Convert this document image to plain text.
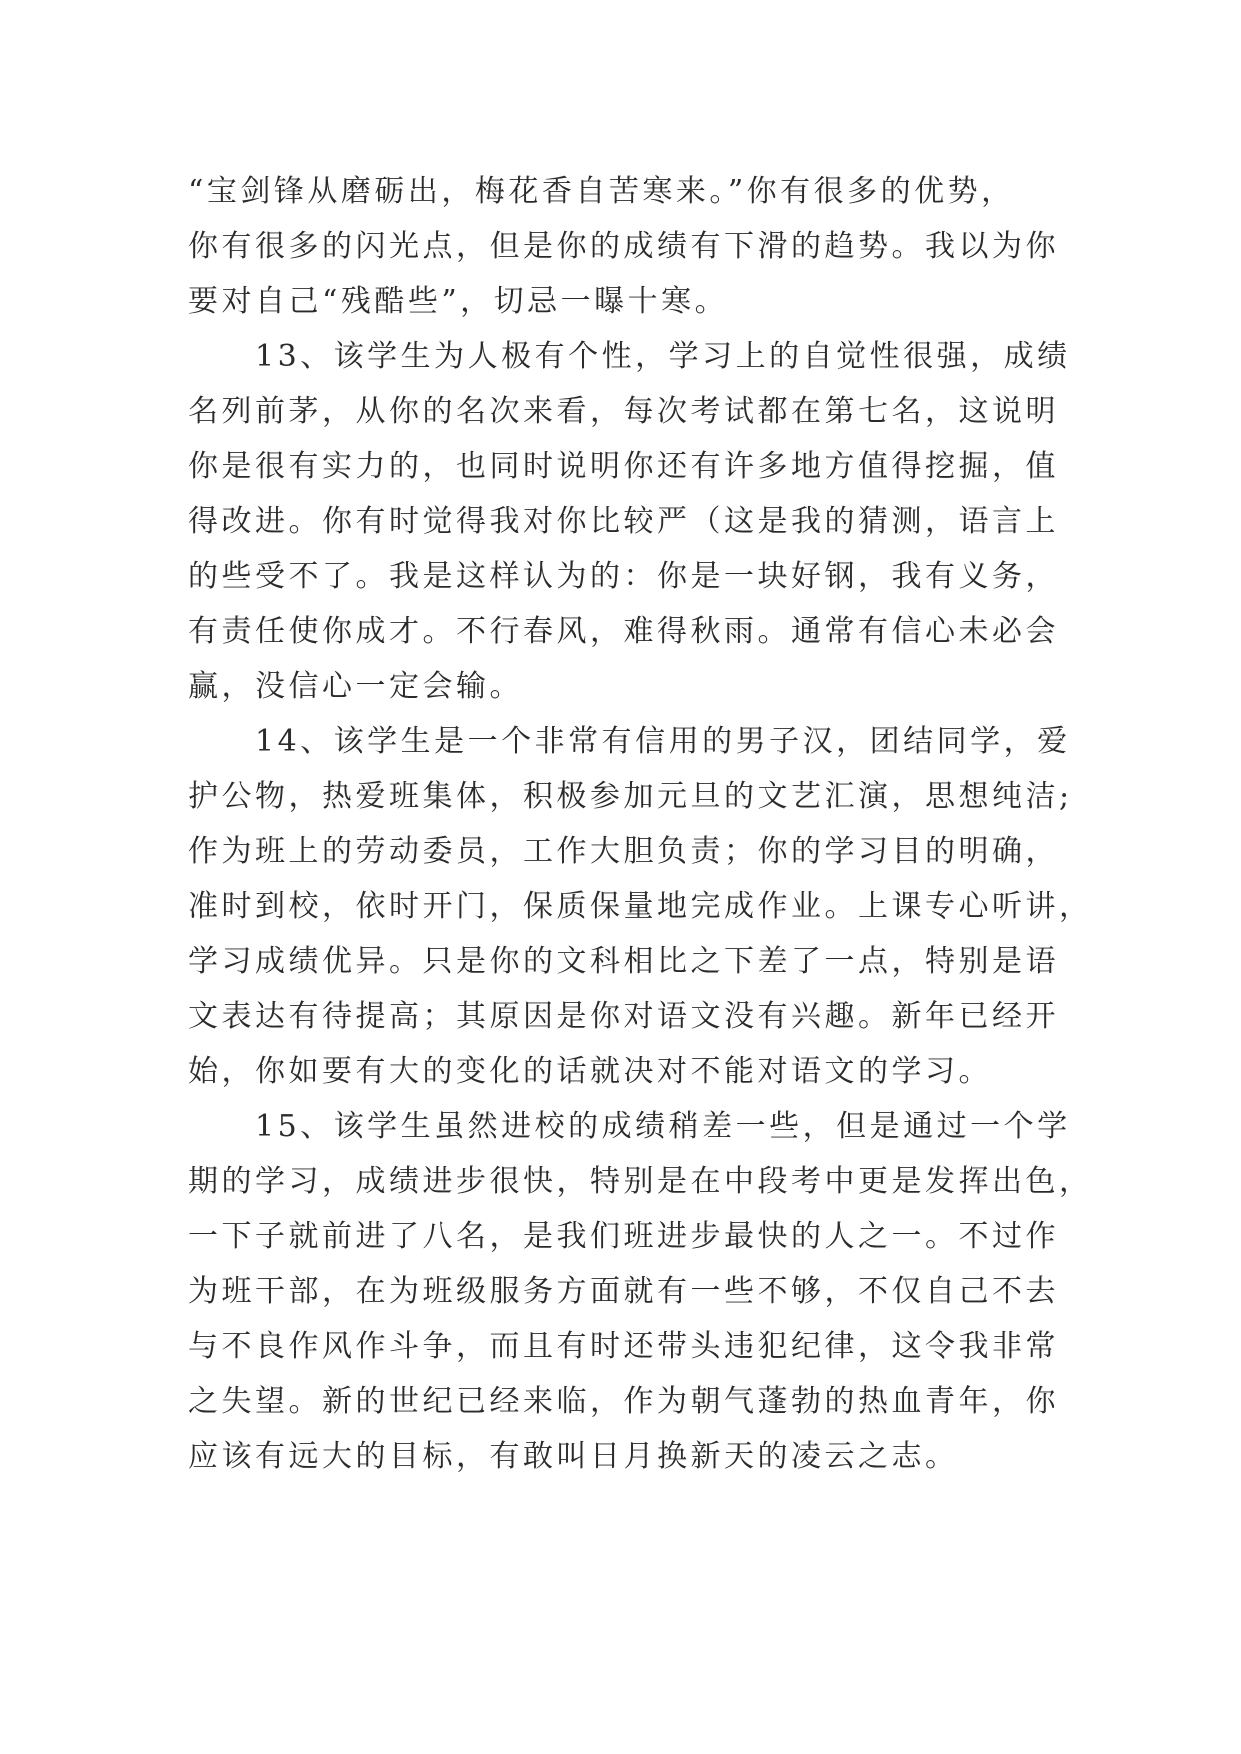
“宝剑锋从磨砺出，梅花香自苦寒来。”你有很多的优势，
你有很多的闪光点，但是你的成绩有下滑的趋势。我以为你
要对自己“残酷些”，切忌一曝十寒。
　　13、该学生为人极有个性，学习上的自觉性很强，成绩
名列前茅，从你的名次来看，每次考试都在第七名，这说明
你是很有实力的，也同时说明你还有许多地方值得挖掘，值
得改进。你有时觉得我对你比较严（这是我的猜测，语言上
的些受不了。我是这样认为的：你是一块好钢，我有义务，
有责任使你成才。不行春风，难得秋雨。通常有信心未必会
赢，没信心一定会输。
　　14、该学生是一个非常有信用的男子汉，团结同学，爱
护公物，热爱班集体，积极参加元旦的文艺汇演，思想纯洁;
作为班上的劳动委员，工作大胆负责；你的学习目的明确，
准时到校，依时开门，保质保量地完成作业。上课专心听讲，
学习成绩优异。只是你的文科相比之下差了一点，特别是语
文表达有待提高；其原因是你对语文没有兴趣。新年已经开
始，你如要有大的变化的话就决对不能对语文的学习。
　　15、该学生虽然进校的成绩稍差一些，但是通过一个学
期的学习，成绩进步很快，特别是在中段考中更是发挥出色，
一下子就前进了八名，是我们班进步最快的人之一。不过作
为班干部，在为班级服务方面就有一些不够，不仅自己不去
与不良作风作斗争，而且有时还带头违犯纪律，这令我非常
之失望。新的世纪已经来临，作为朝气蓬勃的热血青年，你
应该有远大的目标，有敢叫日月换新天的凌云之志。
